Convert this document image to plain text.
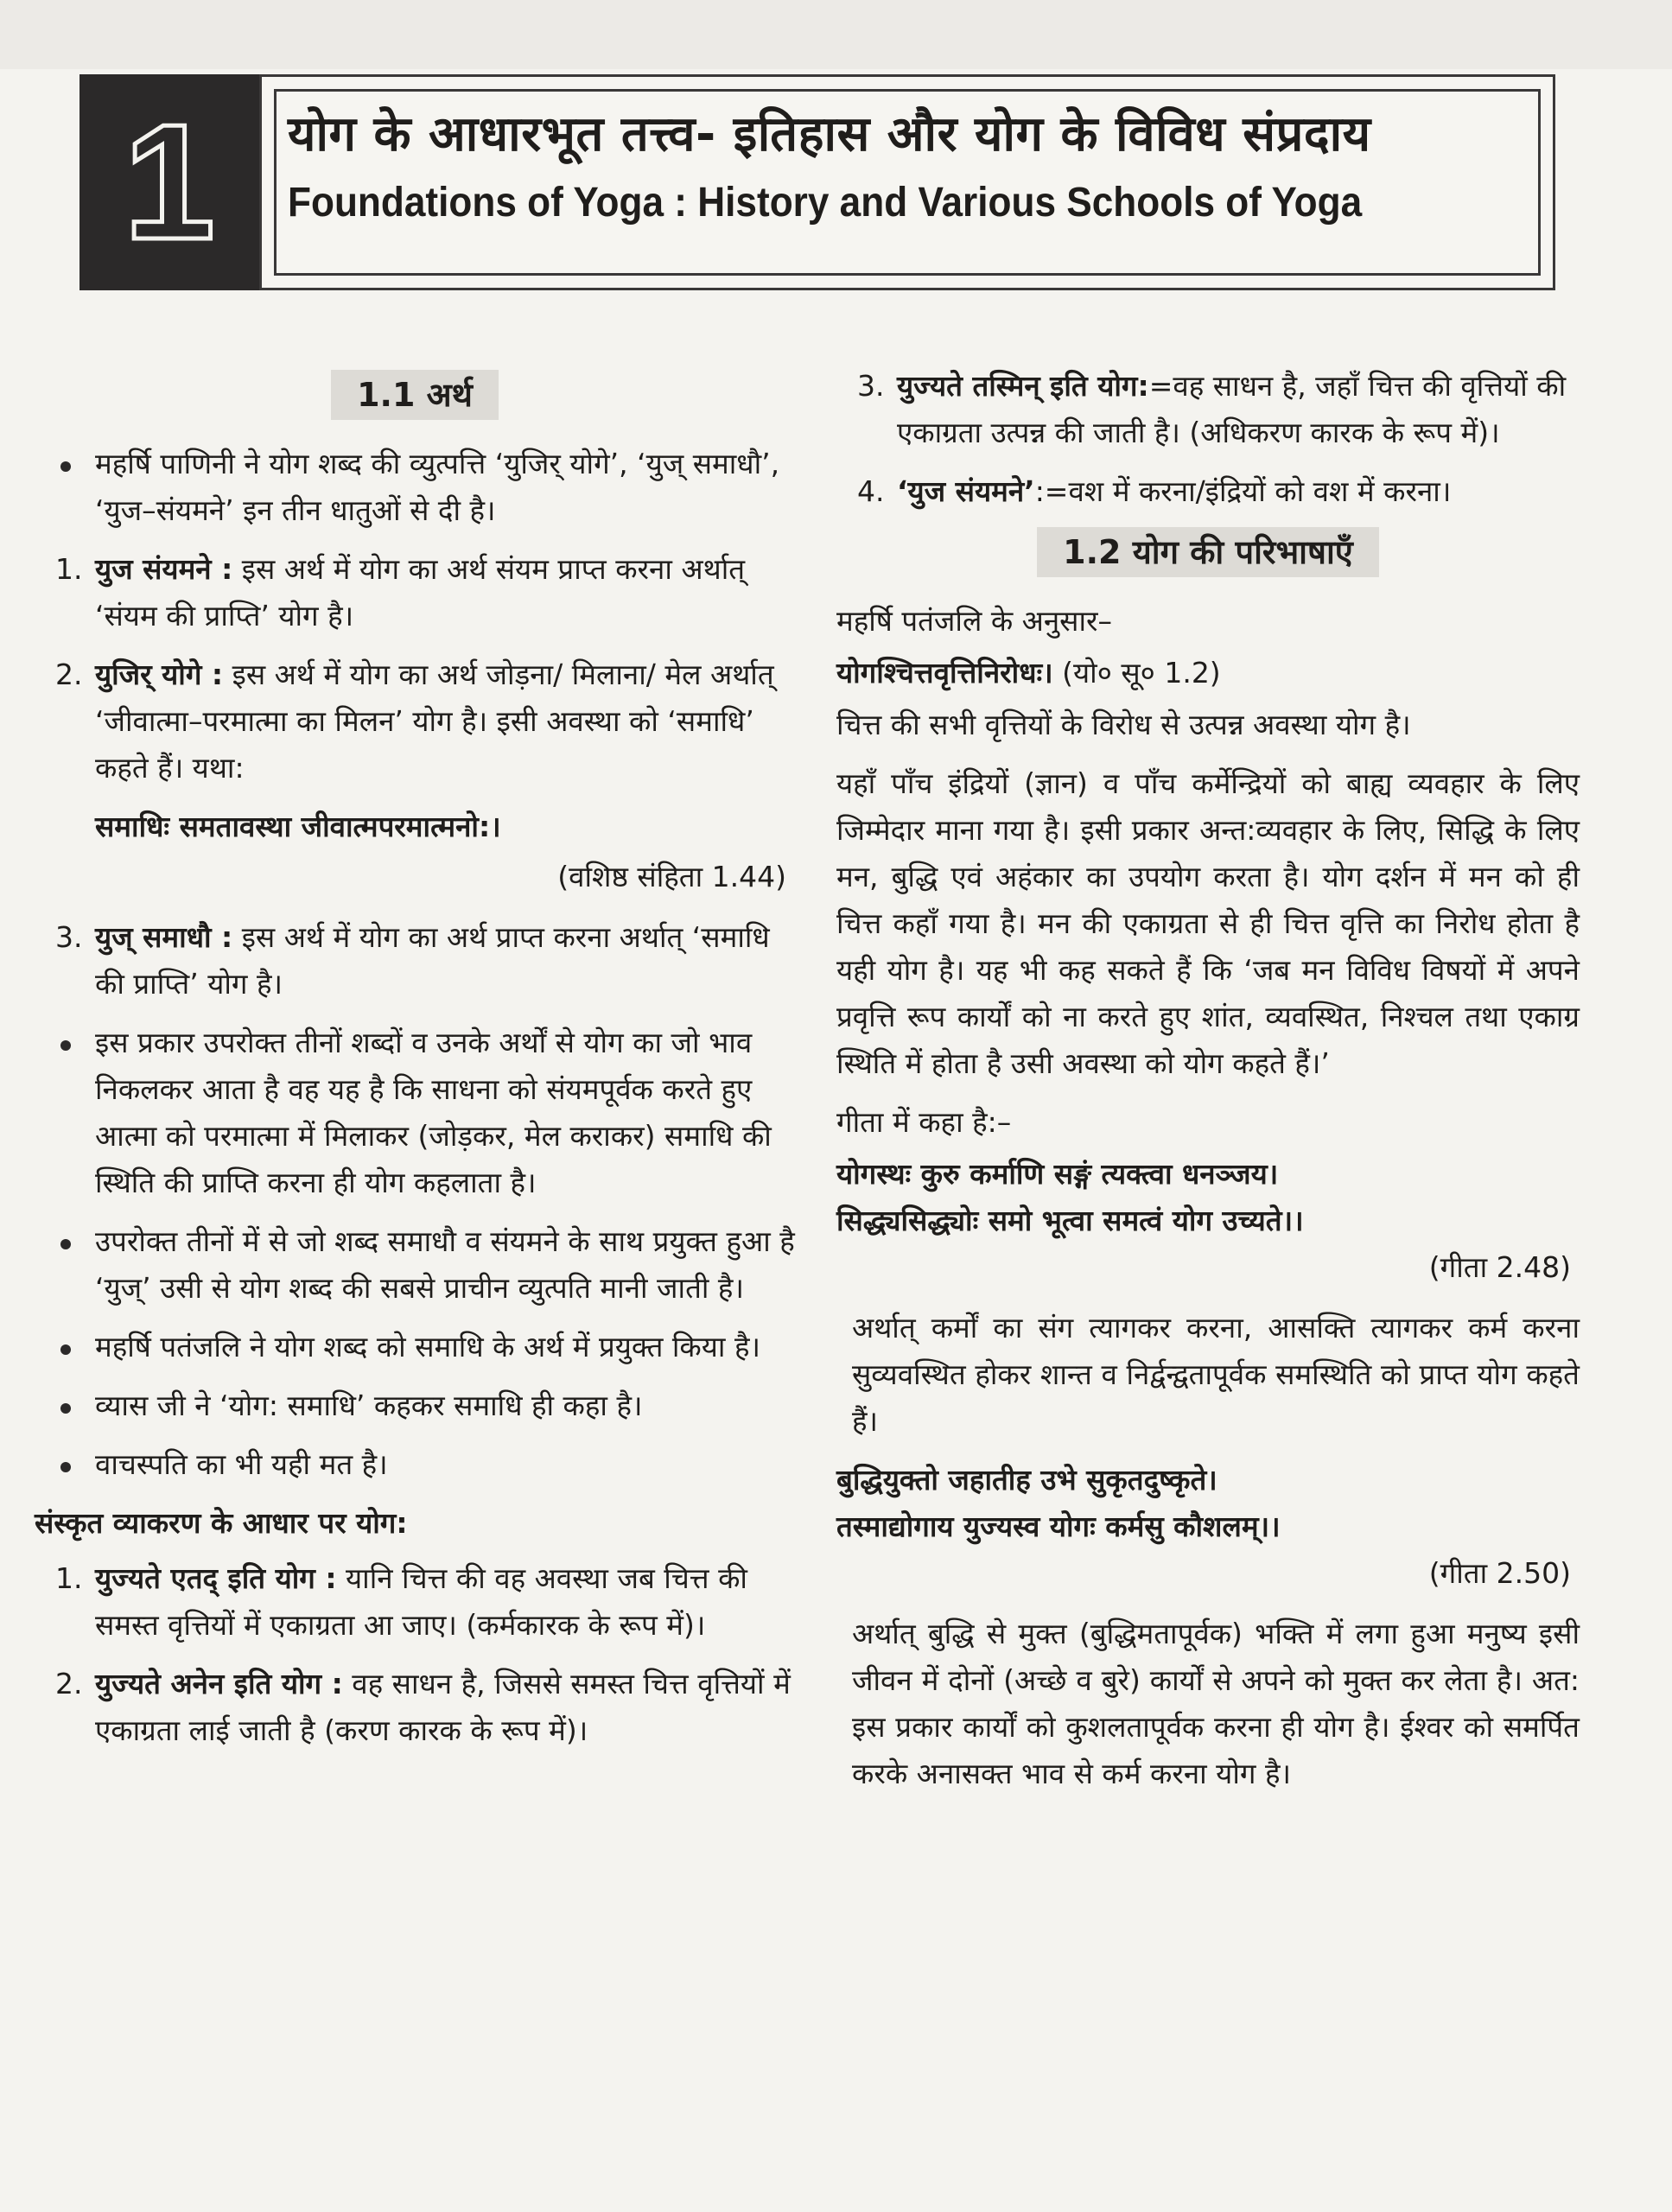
1	योग के आधारभूत तत्त्व- इतिहास और योग के विविध संप्रदाय
Foundations of Yoga : History and Various Schools of Yoga
1.1 अर्थ
महर्षि पाणिनी ने योग शब्द की व्युत्पत्ति ‘युजिर् योगे’, ‘युज् समाधौ’, ‘युज–संयमने’ इन तीन धातुओं से दी है।
1. युज संयमने : इस अर्थ में योग का अर्थ संयम प्राप्त करना अर्थात् ‘संयम की प्राप्ति’ योग है।
2. युजिर् योगे : इस अर्थ में योग का अर्थ जोड़ना/ मिलाना/ मेल अर्थात् ‘जीवात्मा–परमात्मा का मिलन’ योग है। इसी अवस्था को ‘समाधि’ कहते हैं। यथा:
समाधिः समतावस्था जीवात्मपरमात्मनो:।
(वशिष्ठ संहिता 1.44)
3. युज् समाधौ : इस अर्थ में योग का अर्थ प्राप्त करना अर्थात् ‘समाधि की प्राप्ति’ योग है।
इस प्रकार उपरोक्त तीनों शब्दों व उनके अर्थों से योग का जो भाव निकलकर आता है वह यह है कि साधना को संयमपूर्वक करते हुए आत्मा को परमात्मा में मिलाकर (जोड़कर, मेल कराकर) समाधि की स्थिति की प्राप्ति करना ही योग कहलाता है।
उपरोक्त तीनों में से जो शब्द समाधौ व संयमने के साथ प्रयुक्त हुआ है ‘युज्’ उसी से योग शब्द की सबसे प्राचीन व्युत्पति मानी जाती है।
महर्षि पतंजलि ने योग शब्द को समाधि के अर्थ में प्रयुक्त किया है।
व्यास जी ने ‘योग: समाधि’ कहकर समाधि ही कहा है।
वाचस्पति का भी यही मत है।
संस्कृत व्याकरण के आधार पर योग:
1. युज्यते एतद् इति योग : यानि चित्त की वह अवस्था जब चित्त की समस्त वृत्तियों में एकाग्रता आ जाए। (कर्मकारक के रूप में)।
2. युज्यते अनेन इति योग : वह साधन है, जिससे समस्त चित्त वृत्तियों में एकाग्रता लाई जाती है (करण कारक के रूप में)।
3. युज्यते तस्मिन् इति योग:=वह साधन है, जहाँ चित्त की वृत्तियों की एकाग्रता उत्पन्न की जाती है। (अधिकरण कारक के रूप में)।
4. ‘युज संयमने’:=वश में करना/इंद्रियों को वश में करना।
1.2 योग की परिभाषाएँ
महर्षि पतंजलि के अनुसार–
योगश्चित्तवृत्तिनिरोधः। (यो० सू० 1.2)
चित्त की सभी वृत्तियों के विरोध से उत्पन्न अवस्था योग है।
यहाँ पाँच इंद्रियों (ज्ञान) व पाँच कर्मेन्द्रियों को बाह्य व्यवहार के लिए जिम्मेदार माना गया है। इसी प्रकार अन्त:व्यवहार के लिए, सिद्धि के लिए मन, बुद्धि एवं अहंकार का उपयोग करता है। योग दर्शन में मन को ही चित्त कहाँ गया है। मन की एकाग्रता से ही चित्त वृत्ति का निरोध होता है यही योग है। यह भी कह सकते हैं कि ‘जब मन विविध विषयों में अपने प्रवृत्ति रूप कार्यों को ना करते हुए शांत, व्यवस्थित, निश्चल तथा एकाग्र स्थिति में होता है उसी अवस्था को योग कहते हैं।’
गीता में कहा है:–
योगस्थः कुरु कर्माणि सङ्गं त्यक्त्वा धनञ्जय।
सिद्ध्यसिद्ध्योः समो भूत्वा समत्वं योग उच्यते।।
(गीता 2.48)
अर्थात् कर्मों का संग त्यागकर करना, आसक्ति त्यागकर कर्म करना सुव्यवस्थित होकर शान्त व निर्द्वन्द्वतापूर्वक समस्थिति को प्राप्त योग कहते हैं।
बुद्धियुक्तो जहातीह उभे सुकृतदुष्कृते।
तस्माद्योगाय युज्यस्व योगः कर्मसु कौशलम्।।
(गीता 2.50)
अर्थात् बुद्धि से मुक्त (बुद्धिमतापूर्वक) भक्ति में लगा हुआ मनुष्य इसी जीवन में दोनों (अच्छे व बुरे) कार्यों से अपने को मुक्त कर लेता है। अत: इस प्रकार कार्यों को कुशलतापूर्वक करना ही योग है। ईश्वर को समर्पित करके अनासक्त भाव से कर्म करना योग है।
